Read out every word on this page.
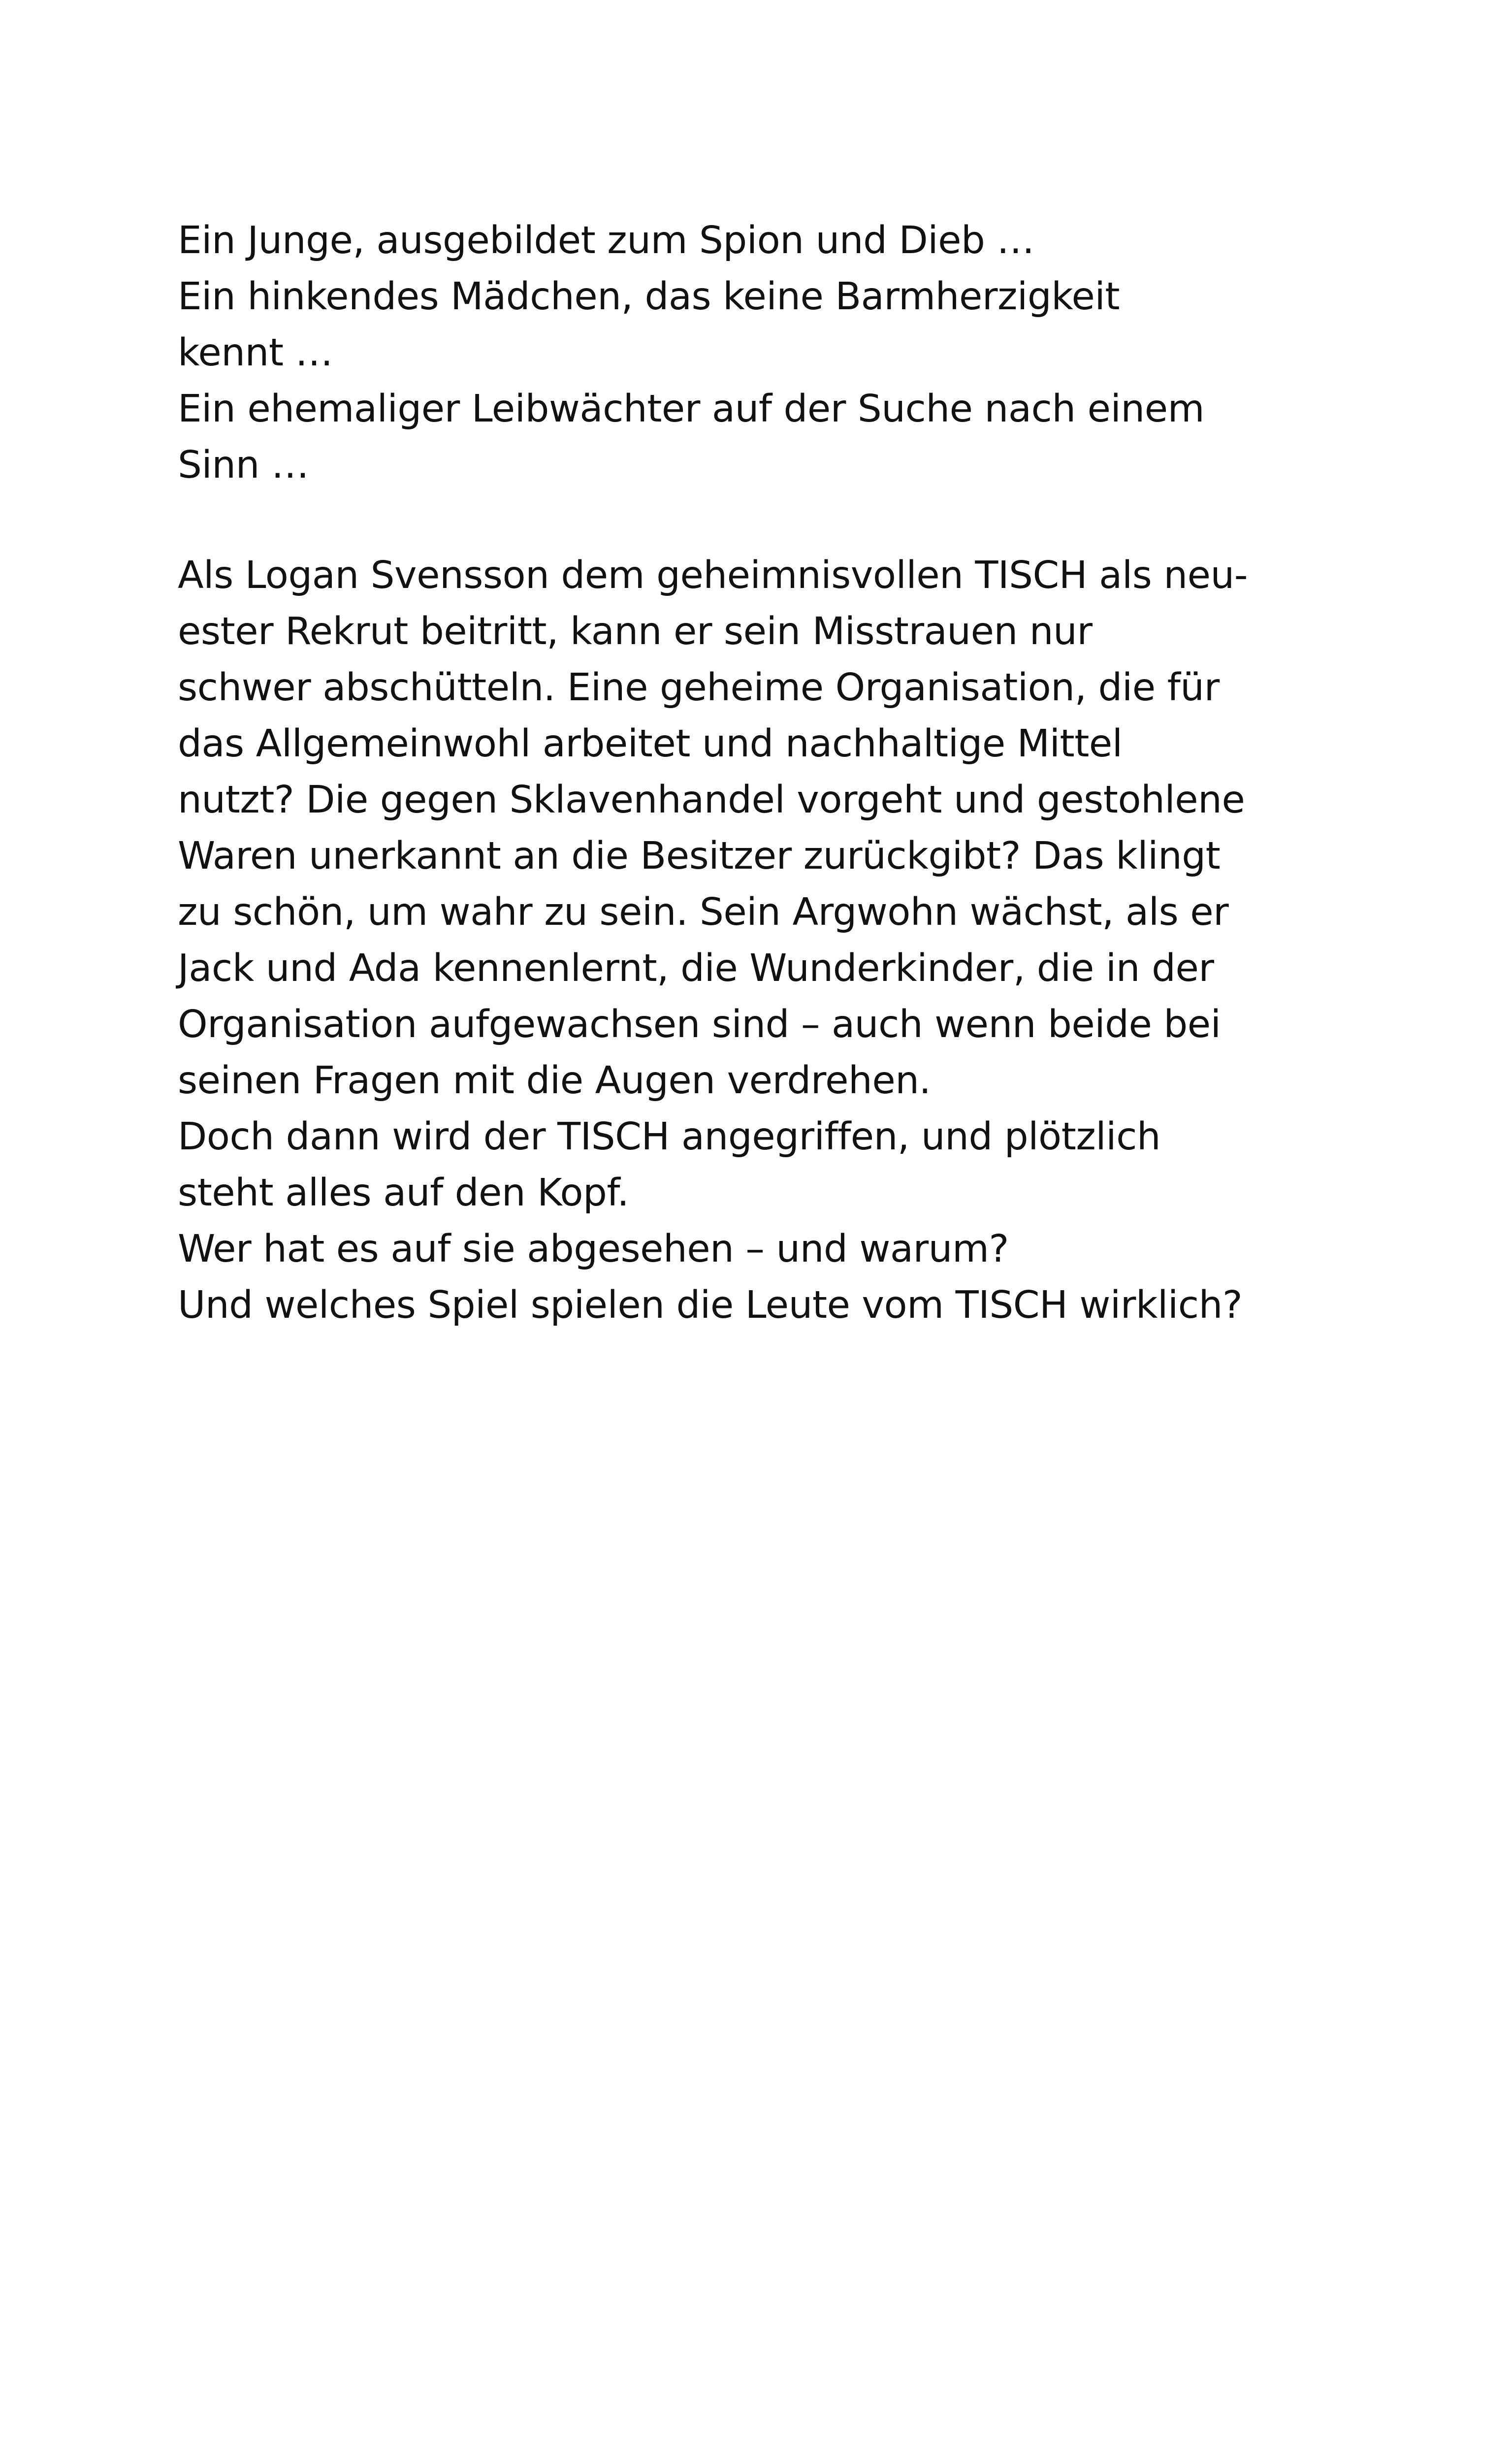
Ein Junge, ausgebildet zum Spion und Dieb …
Ein hinkendes Mädchen, das keine Barmherzigkeit
kennt …
Ein ehemaliger Leibwächter auf der Suche nach einem
Sinn …
Als Logan Svensson dem geheimnisvollen TISCH als neu-
ester Rekrut beitritt, kann er sein Misstrauen nur
schwer abschütteln. Eine geheime Organisation, die für
das Allgemeinwohl arbeitet und nachhaltige Mittel
nutzt? Die gegen Sklavenhandel vorgeht und gestohlene
Waren unerkannt an die Besitzer zurückgibt? Das klingt
zu schön, um wahr zu sein. Sein Argwohn wächst, als er
Jack und Ada kennenlernt, die Wunderkinder, die in der
Organisation aufgewachsen sind – auch wenn beide bei
seinen Fragen mit die Augen verdrehen.
Doch dann wird der TISCH angegriffen, und plötzlich
steht alles auf den Kopf.
Wer hat es auf sie abgesehen – und warum?
Und welches Spiel spielen die Leute vom TISCH wirklich?
